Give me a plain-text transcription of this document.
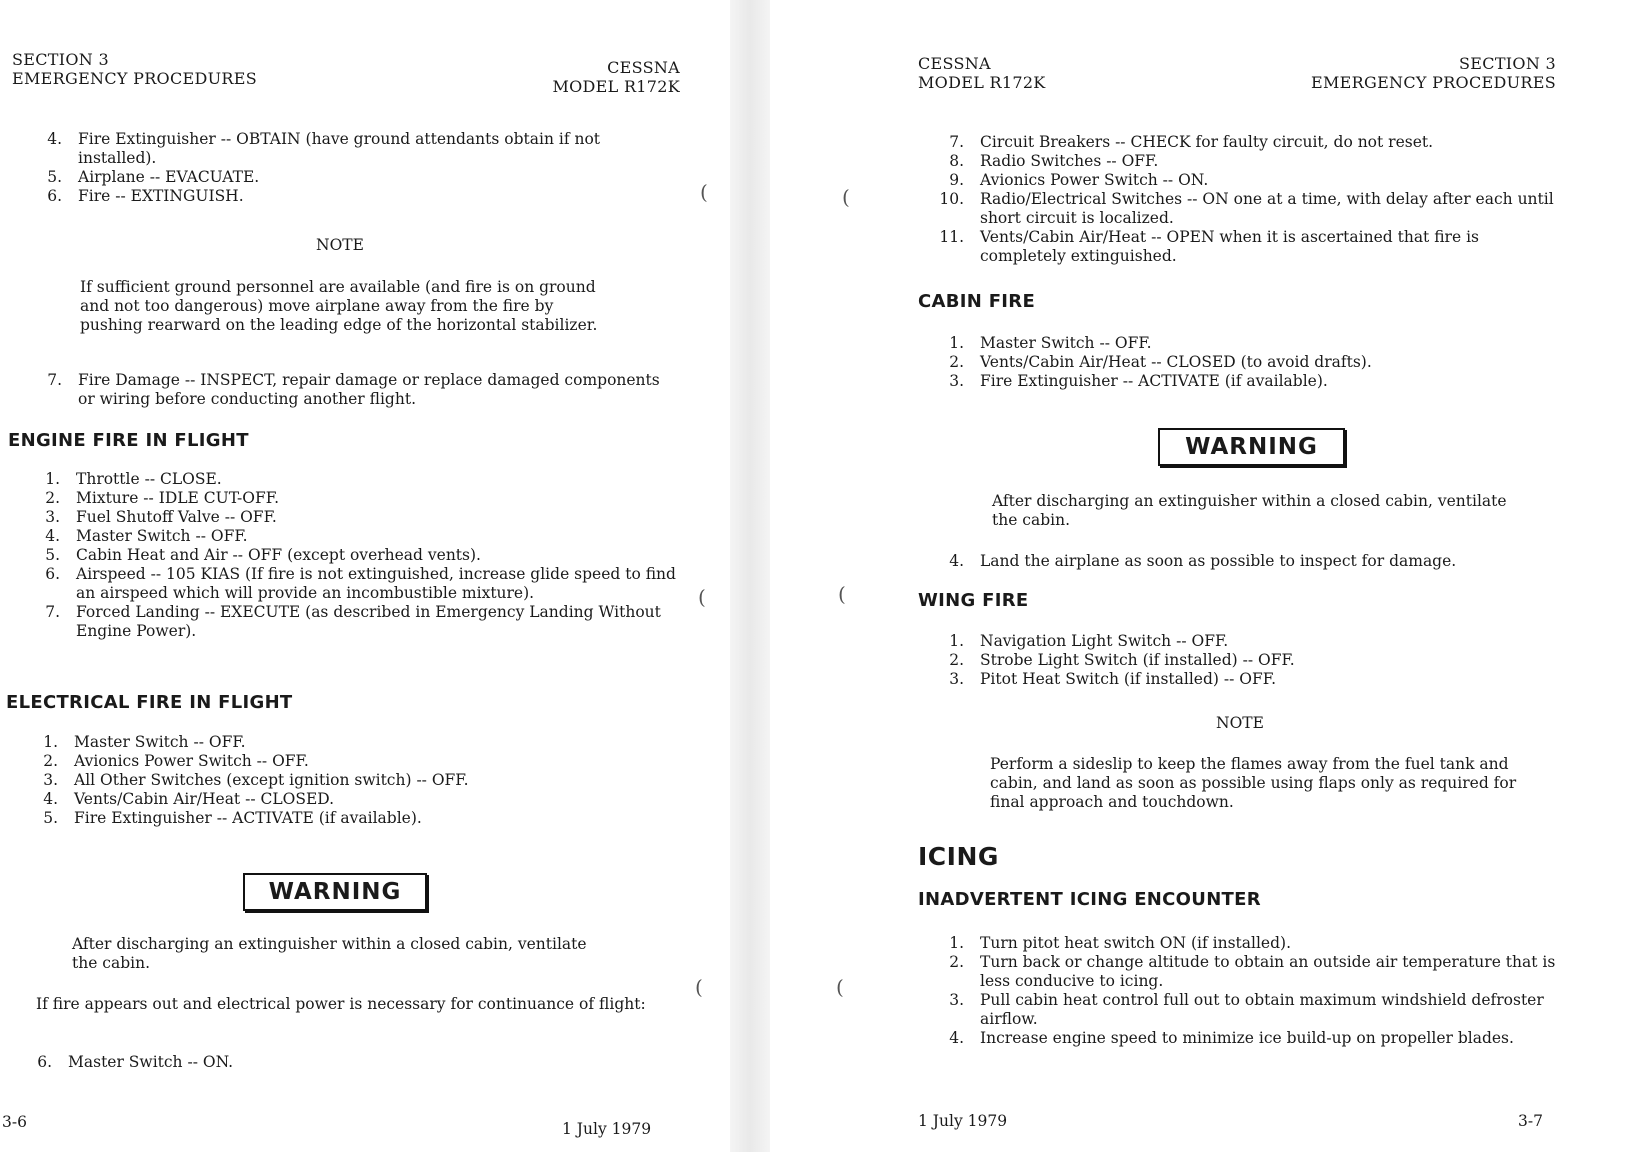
SECTION 3
EMERGENCY PROCEDURES
CESSNA
MODEL R172K
4. Fire Extinguisher -- OBTAIN (have ground attendants obtain if not installed).
5. Airplane -- EVACUATE.
6. Fire -- EXTINGUISH.
NOTE
If sufficient ground personnel are available (and fire is on ground and not too dangerous) move airplane away from the fire by pushing rearward on the leading edge of the horizontal stabilizer.
7. Fire Damage -- INSPECT, repair damage or replace damaged components or wiring before conducting another flight.
ENGINE FIRE IN FLIGHT
1. Throttle -- CLOSE.
2. Mixture -- IDLE CUT-OFF.
3. Fuel Shutoff Valve -- OFF.
4. Master Switch -- OFF.
5. Cabin Heat and Air -- OFF (except overhead vents).
6. Airspeed -- 105 KIAS (If fire is not extinguished, increase glide speed to find an airspeed which will provide an incombustible mixture).
7. Forced Landing -- EXECUTE (as described in Emergency Landing Without Engine Power).
ELECTRICAL FIRE IN FLIGHT
1. Master Switch -- OFF.
2. Avionics Power Switch -- OFF.
3. All Other Switches (except ignition switch) -- OFF.
4. Vents/Cabin Air/Heat -- CLOSED.
5. Fire Extinguisher -- ACTIVATE (if available).
WARNING
After discharging an extinguisher within a closed cabin, ventilate the cabin.
If fire appears out and electrical power is necessary for continuance of flight:
6. Master Switch -- ON.
3-6	1 July 1979
(
(
(
CESSNA
MODEL R172K
SECTION 3
EMERGENCY PROCEDURES
7. Circuit Breakers -- CHECK for faulty circuit, do not reset.
8. Radio Switches -- OFF.
9. Avionics Power Switch -- ON.
10. Radio/Electrical Switches -- ON one at a time, with delay after each until short circuit is localized.
11. Vents/Cabin Air/Heat -- OPEN when it is ascertained that fire is completely extinguished.
CABIN FIRE
1. Master Switch -- OFF.
2. Vents/Cabin Air/Heat -- CLOSED (to avoid drafts).
3. Fire Extinguisher -- ACTIVATE (if available).
WARNING
After discharging an extinguisher within a closed cabin, ventilate the cabin.
4. Land the airplane as soon as possible to inspect for damage.
WING FIRE
1. Navigation Light Switch -- OFF.
2. Strobe Light Switch (if installed) -- OFF.
3. Pitot Heat Switch (if installed) -- OFF.
NOTE
Perform a sideslip to keep the flames away from the fuel tank and cabin, and land as soon as possible using flaps only as required for final approach and touchdown.
ICING
INADVERTENT ICING ENCOUNTER
1. Turn pitot heat switch ON (if installed).
2. Turn back or change altitude to obtain an outside air temperature that is less conducive to icing.
3. Pull cabin heat control full out to obtain maximum windshield defroster airflow.
4. Increase engine speed to minimize ice build-up on propeller blades.
1 July 1979	3-7
(
(
(
